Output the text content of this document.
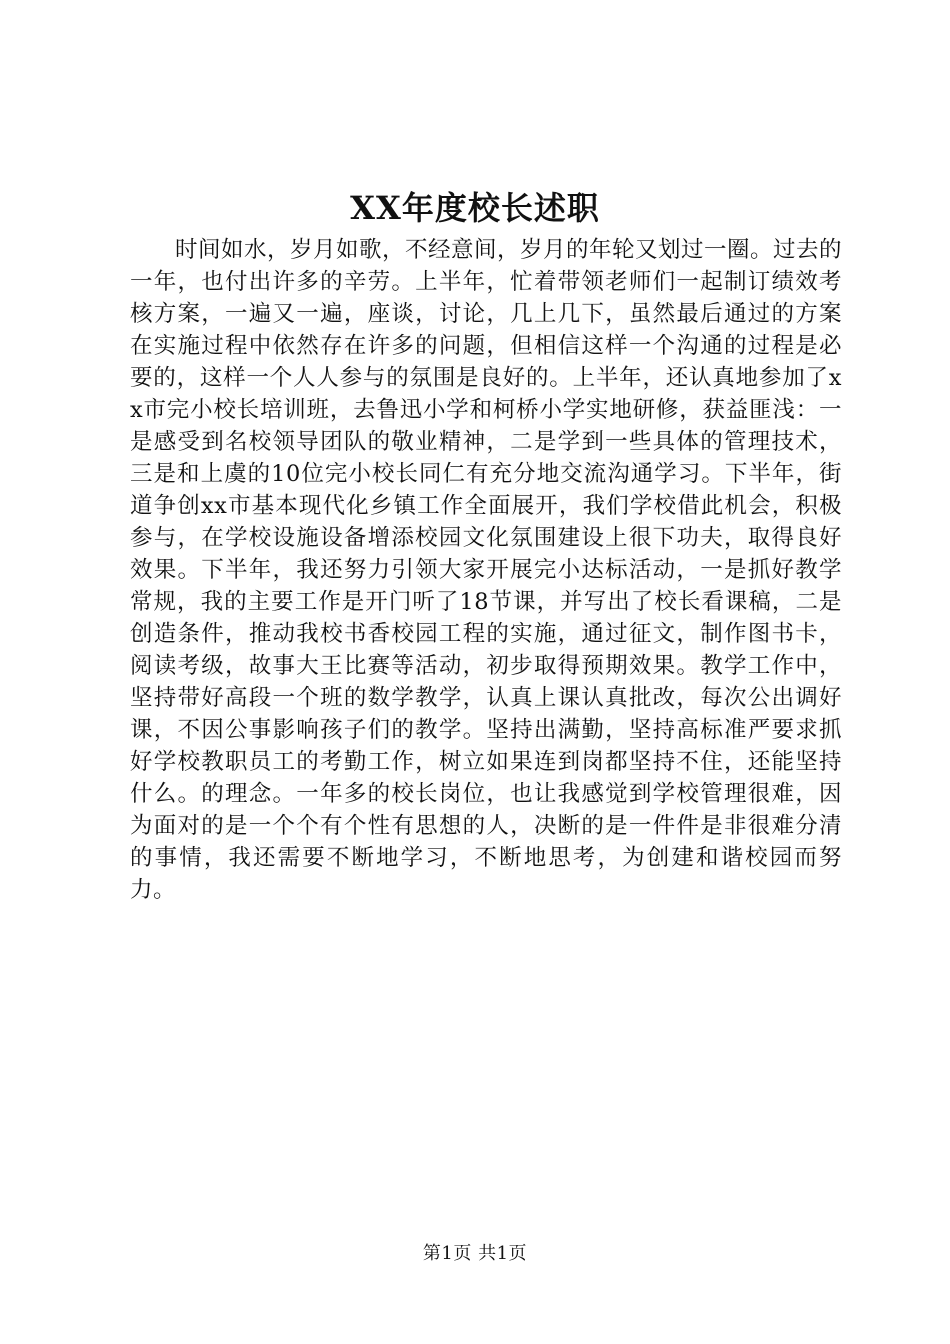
XX年度校长述职

时间如水，岁月如歌，不经意间，岁月的年轮又划过一圈。过去的一年，也付出许多的辛劳。上半年，忙着带领老师们一起制订绩效考核方案，一遍又一遍，座谈，讨论，几上几下，虽然最后通过的方案在实施过程中依然存在许多的问题，但相信这样一个沟通的过程是必要的，这样一个人人参与的氛围是良好的。上半年，还认真地参加了xx市完小校长培训班，去鲁迅小学和柯桥小学实地研修，获益匪浅：一是感受到名校领导团队的敬业精神，二是学到一些具体的管理技术，三是和上虞的10位完小校长同仁有充分地交流沟通学习。下半年，街道争创xx市基本现代化乡镇工作全面展开，我们学校借此机会，积极参与，在学校设施设备增添校园文化氛围建设上很下功夫，取得良好效果。下半年，我还努力引领大家开展完小达标活动，一是抓好教学常规，我的主要工作是开门听了18节课，并写出了校长看课稿，二是创造条件，推动我校书香校园工程的实施，通过征文，制作图书卡，阅读考级，故事大王比赛等活动，初步取得预期效果。教学工作中，坚持带好高段一个班的数学教学，认真上课认真批改，每次公出调好课，不因公事影响孩子们的教学。坚持出满勤，坚持高标准严要求抓好学校教职员工的考勤工作，树立如果连到岗都坚持不住，还能坚持什么。的理念。一年多的校长岗位，也让我感觉到学校管理很难，因为面对的是一个个有个性有思想的人，决断的是一件件是非很难分清的事情，我还需要不断地学习，不断地思考，为创建和谐校园而努力。

第1页 共1页
